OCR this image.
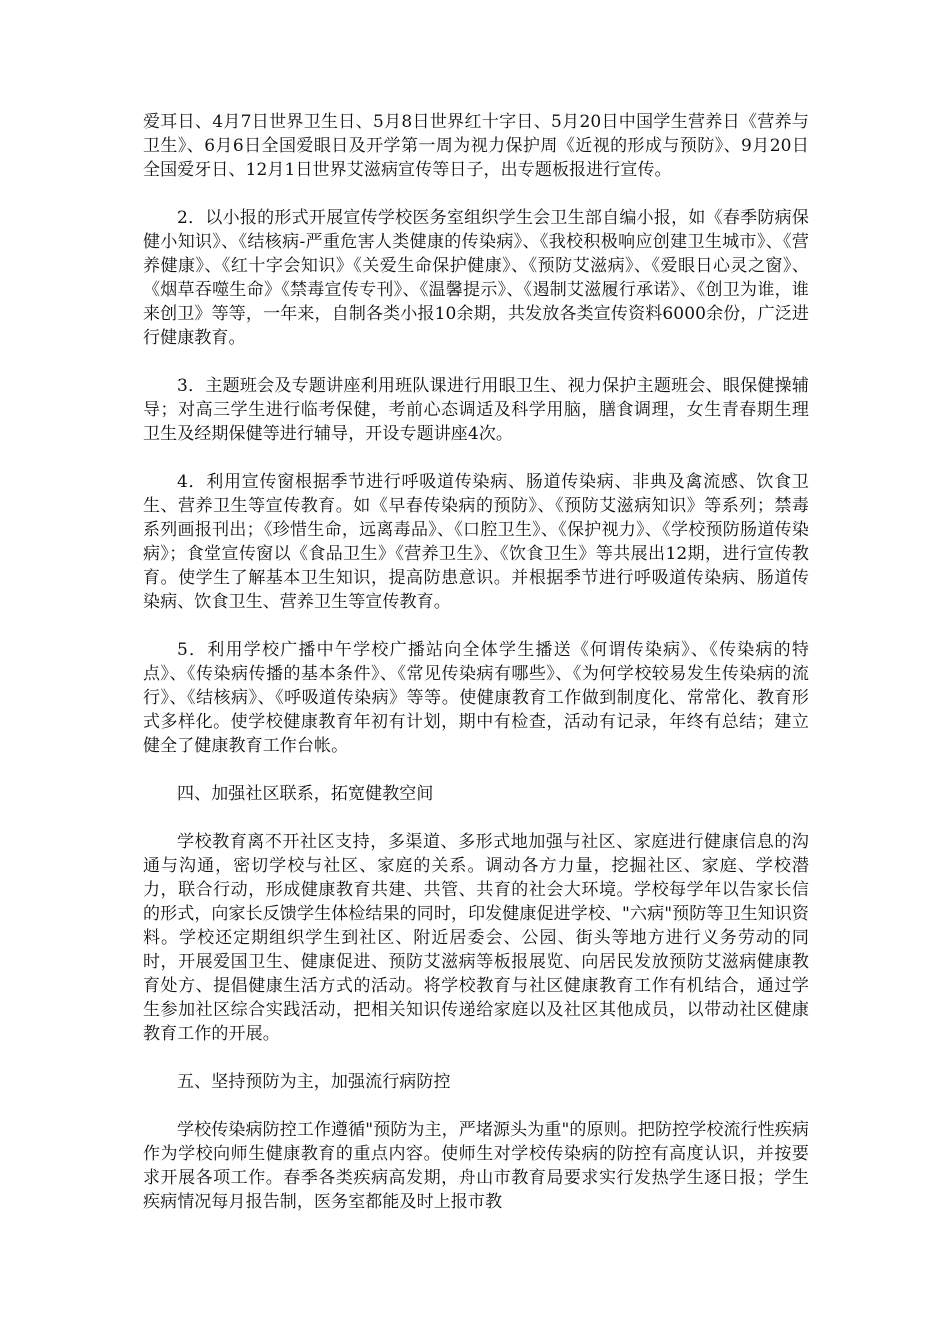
爱耳日、4月7日世界卫生日、5月8日世界红十字日、5月20日中国学生营养日《营养与卫生》、6月6日全国爱眼日及开学第一周为视力保护周《近视的形成与预防》、9月20日全国爱牙日、12月1日世界艾滋病宣传等日子，出专题板报进行宣传。

2．以小报的形式开展宣传学校医务室组织学生会卫生部自编小报，如《春季防病保健小知识》、《结核病-严重危害人类健康的传染病》、《我校积极响应创建卫生城市》、《营养健康》、《红十字会知识》《关爱生命保护健康》、《预防艾滋病》、《爱眼日心灵之窗》、《烟草吞噬生命》《禁毒宣传专刊》、《温馨提示》、《遏制艾滋履行承诺》、《创卫为谁，谁来创卫》等等，一年来，自制各类小报10余期，共发放各类宣传资料6000余份，广泛进行健康教育。

3．主题班会及专题讲座利用班队课进行用眼卫生、视力保护主题班会、眼保健操辅导；对高三学生进行临考保健，考前心态调适及科学用脑，膳食调理，女生青春期生理卫生及经期保健等进行辅导，开设专题讲座4次。

4．利用宣传窗根据季节进行呼吸道传染病、肠道传染病、非典及禽流感、饮食卫生、营养卫生等宣传教育。如《早春传染病的预防》、《预防艾滋病知识》等系列；禁毒系列画报刊出；《珍惜生命，远离毒品》、《口腔卫生》、《保护视力》、《学校预防肠道传染病》；食堂宣传窗以《食品卫生》《营养卫生》、《饮食卫生》等共展出12期，进行宣传教育。使学生了解基本卫生知识，提高防患意识。并根据季节进行呼吸道传染病、肠道传染病、饮食卫生、营养卫生等宣传教育。

5．利用学校广播中午学校广播站向全体学生播送《何谓传染病》、《传染病的特点》、《传染病传播的基本条件》、《常见传染病有哪些》、《为何学校较易发生传染病的流行》、《结核病》、《呼吸道传染病》等等。使健康教育工作做到制度化、常常化、教育形式多样化。使学校健康教育年初有计划，期中有检查，活动有记录，年终有总结；建立健全了健康教育工作台帐。

四、加强社区联系，拓宽健教空间

学校教育离不开社区支持，多渠道、多形式地加强与社区、家庭进行健康信息的沟通与沟通，密切学校与社区、家庭的关系。调动各方力量，挖掘社区、家庭、学校潜力，联合行动，形成健康教育共建、共管、共育的社会大环境。学校每学年以告家长信的形式，向家长反馈学生体检结果的同时，印发健康促进学校、"六病"预防等卫生知识资料。学校还定期组织学生到社区、附近居委会、公园、街头等地方进行义务劳动的同时，开展爱国卫生、健康促进、预防艾滋病等板报展览、向居民发放预防艾滋病健康教育处方、提倡健康生活方式的活动。将学校教育与社区健康教育工作有机结合，通过学生参加社区综合实践活动，把相关知识传递给家庭以及社区其他成员，以带动社区健康教育工作的开展。

五、坚持预防为主，加强流行病防控

学校传染病防控工作遵循"预防为主，严堵源头为重"的原则。把防控学校流行性疾病作为学校向师生健康教育的重点内容。使师生对学校传染病的防控有高度认识，并按要求开展各项工作。春季各类疾病高发期，舟山市教育局要求实行发热学生逐日报；学生疾病情况每月报告制，医务室都能及时上报市教
